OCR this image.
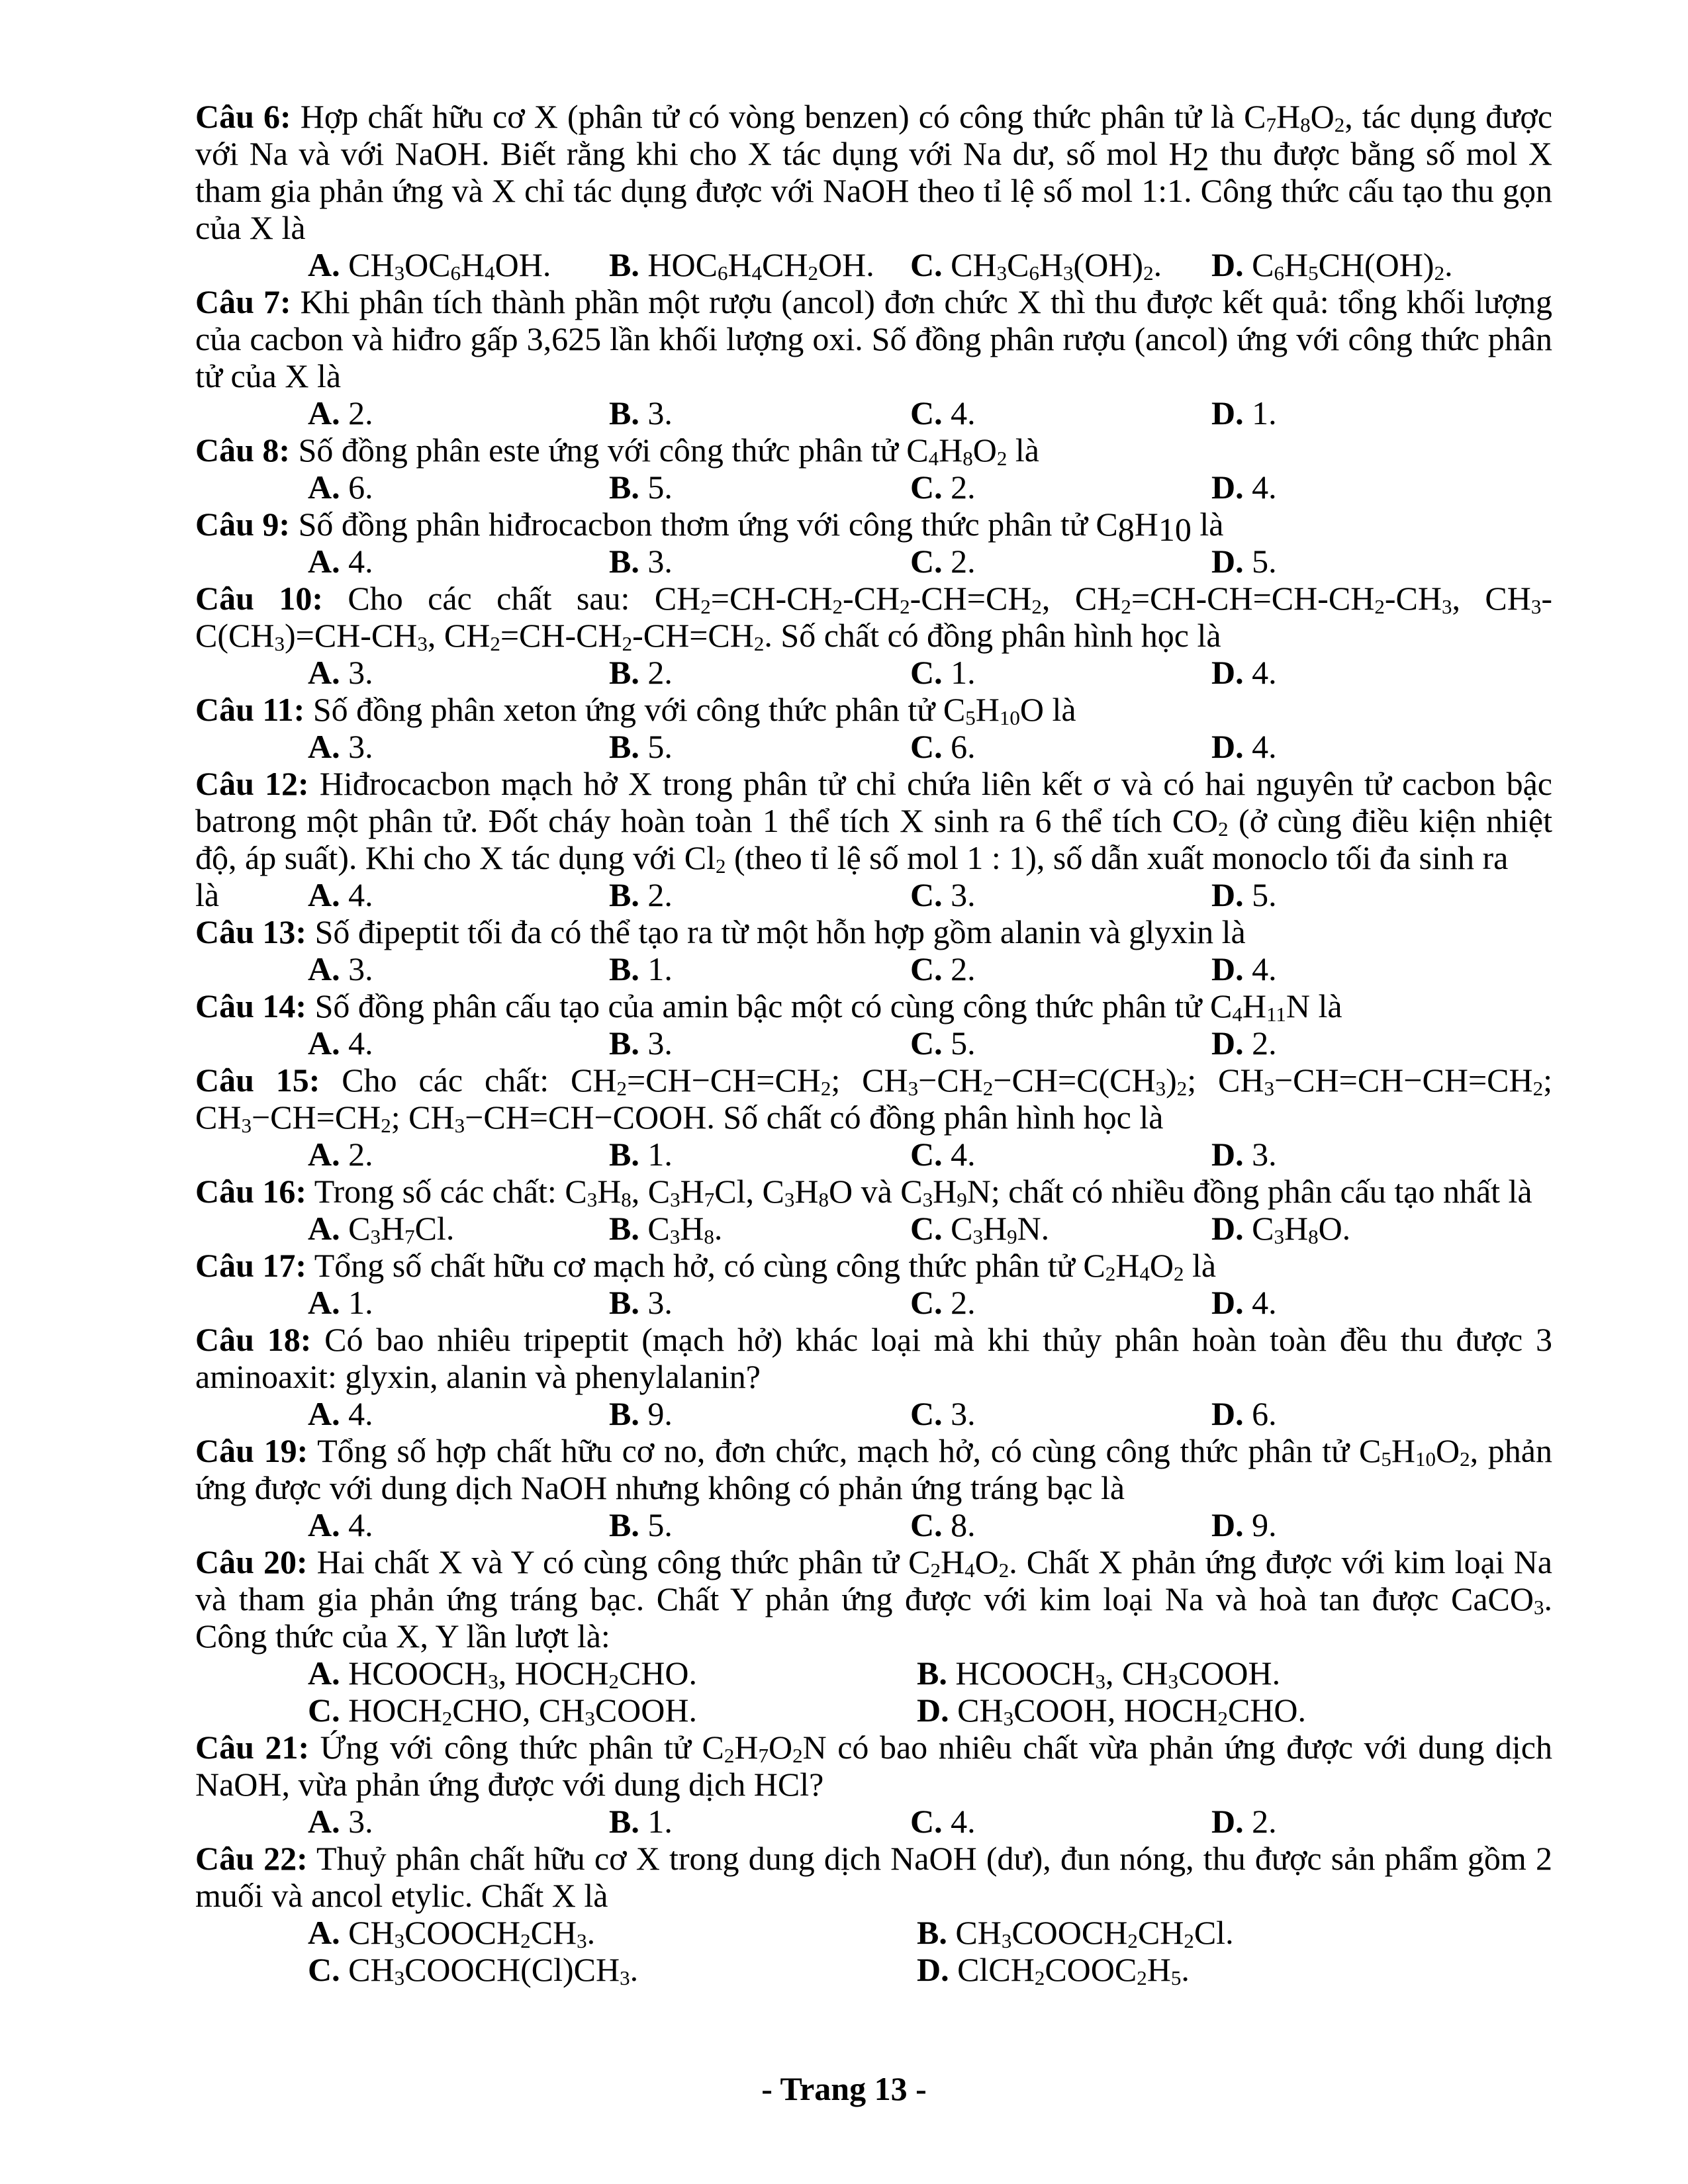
Câu 6: Hợp chất hữu cơ X (phân tử có vòng benzen) có công thức phân tử là $C_7H_8O_2$, tác dụng được với Na và với NaOH. Biết rằng khi cho X tác dụng với Na dư, số mol H2 thu được bằng số mol X tham gia phản ứng và X chỉ tác dụng được với NaOH theo tỉ lệ số mol 1:1. Công thức cấu tạo thu gọn của X là
A. $CH_3OC_6H_4OH$.	B. $HOC_6H_4CH_2OH$.	C. $CH_3C_6H_3(OH)_2$.	D. $C_6H_5CH(OH)_2$.
Câu 7: Khi phân tích thành phần một rượu (ancol) đơn chức X thì thu được kết quả: tổng khối lượng của cacbon và hiđro gấp 3,625 lần khối lượng oxi. Số đồng phân rượu (ancol) ứng với công thức phân tử của X là
A. 2.	B. 3.	C. 4.	D. 1.
Câu 8: Số đồng phân este ứng với công thức phân tử $C_4H_8O_2$ là
A. 6.	B. 5.	C. 2.	D. 4.
Câu 9: Số đồng phân hiđrocacbon thơm ứng với công thức phân tử C8H10 là
A. 4.	B. 3.	C. 2.	D. 5.
Câu 10: Cho các chất sau: $CH_2=CH-CH_2-CH_2-CH=CH_2$, $CH_2=CH-CH=CH-CH_2-CH_3$, $CH_3-C(CH_3)=CH-CH_3$, $CH_2=CH-CH_2-CH=CH_2$. Số chất có đồng phân hình học là
A. 3.	B. 2.	C. 1.	D. 4.
Câu 11: Số đồng phân xeton ứng với công thức phân tử $C_5H_{10}O$ là
A. 3.	B. 5.	C. 6.	D. 4.
Câu 12: Hiđrocacbon mạch hở X trong phân tử chỉ chứa liên kết σ và có hai nguyên tử cacbon bậc batrong một phân tử. Đốt cháy hoàn toàn 1 thể tích X sinh ra 6 thể tích $CO_2$ (ở cùng điều kiện nhiệt độ, áp suất). Khi cho X tác dụng với $Cl_2$ (theo tỉ lệ số mol 1 : 1), số dẫn xuất monoclo tối đa sinh ra
là	A. 4.	B. 2.	C. 3.	D. 5.
Câu 13: Số đipeptit tối đa có thể tạo ra từ một hỗn hợp gồm alanin và glyxin là
A. 3.	B. 1.	C. 2.	D. 4.
Câu 14: Số đồng phân cấu tạo của amin bậc một có cùng công thức phân tử $C_4H_{11}N$ là
A. 4.	B. 3.	C. 5.	D. 2.
Câu 15: Cho các chất: $CH_2=CH-CH=CH_2$; $CH_3-CH_2-CH=C(CH_3)_2$; $CH_3-CH=CH-CH=CH_2$; $CH_3-CH=CH_2$; $CH_3-CH=CH-COOH$. Số chất có đồng phân hình học là
A. 2.	B. 1.	C. 4.	D. 3.
Câu 16: Trong số các chất: $C_3H_8$, $C_3H_7Cl$, $C_3H_8O$ và $C_3H_9N$; chất có nhiều đồng phân cấu tạo nhất là
A. $C_3H_7Cl$.	B. $C_3H_8$.	C. $C_3H_9N$.	D. $C_3H_8O$.
Câu 17: Tổng số chất hữu cơ mạch hở, có cùng công thức phân tử $C_2H_4O_2$ là
A. 1.	B. 3.	C. 2.	D. 4.
Câu 18: Có bao nhiêu tripeptit (mạch hở) khác loại mà khi thủy phân hoàn toàn đều thu được 3 aminoaxit: glyxin, alanin và phenylalanin?
A. 4.	B. 9.	C. 3.	D. 6.
Câu 19: Tổng số hợp chất hữu cơ no, đơn chức, mạch hở, có cùng công thức phân tử $C_5H_{10}O_2$, phản ứng được với dung dịch NaOH nhưng không có phản ứng tráng bạc là
A. 4.	B. 5.	C. 8.	D. 9.
Câu 20: Hai chất X và Y có cùng công thức phân tử $C_2H_4O_2$. Chất X phản ứng được với kim loại Na và tham gia phản ứng tráng bạc. Chất Y phản ứng được với kim loại Na và hoà tan được CaCO$_3$. Công thức của X, Y lần lượt là:
A. $HCOOCH_3$, $HOCH_2CHO$.	B. $HCOOCH_3$, $CH_3COOH$.
C. $HOCH_2CHO$, $CH_3COOH$.	D. $CH_3COOH$, $HOCH_2CHO$.
Câu 21: Ứng với công thức phân tử $C_2H_7O_2N$ có bao nhiêu chất vừa phản ứng được với dung dịch NaOH, vừa phản ứng được với dung dịch HCl?
A. 3.	B. 1.	C. 4.	D. 2.
Câu 22: Thuỷ phân chất hữu cơ X trong dung dịch NaOH (dư), đun nóng, thu được sản phẩm gồm 2 muối và ancol etylic. Chất X là
A. $CH_3COOCH_2CH_3$.	B. $CH_3COOCH_2CH_2Cl$.
C. $CH_3COOCH(Cl)CH_3$.	D. $ClCH_2COOC_2H_5$.
- Trang 13 -
